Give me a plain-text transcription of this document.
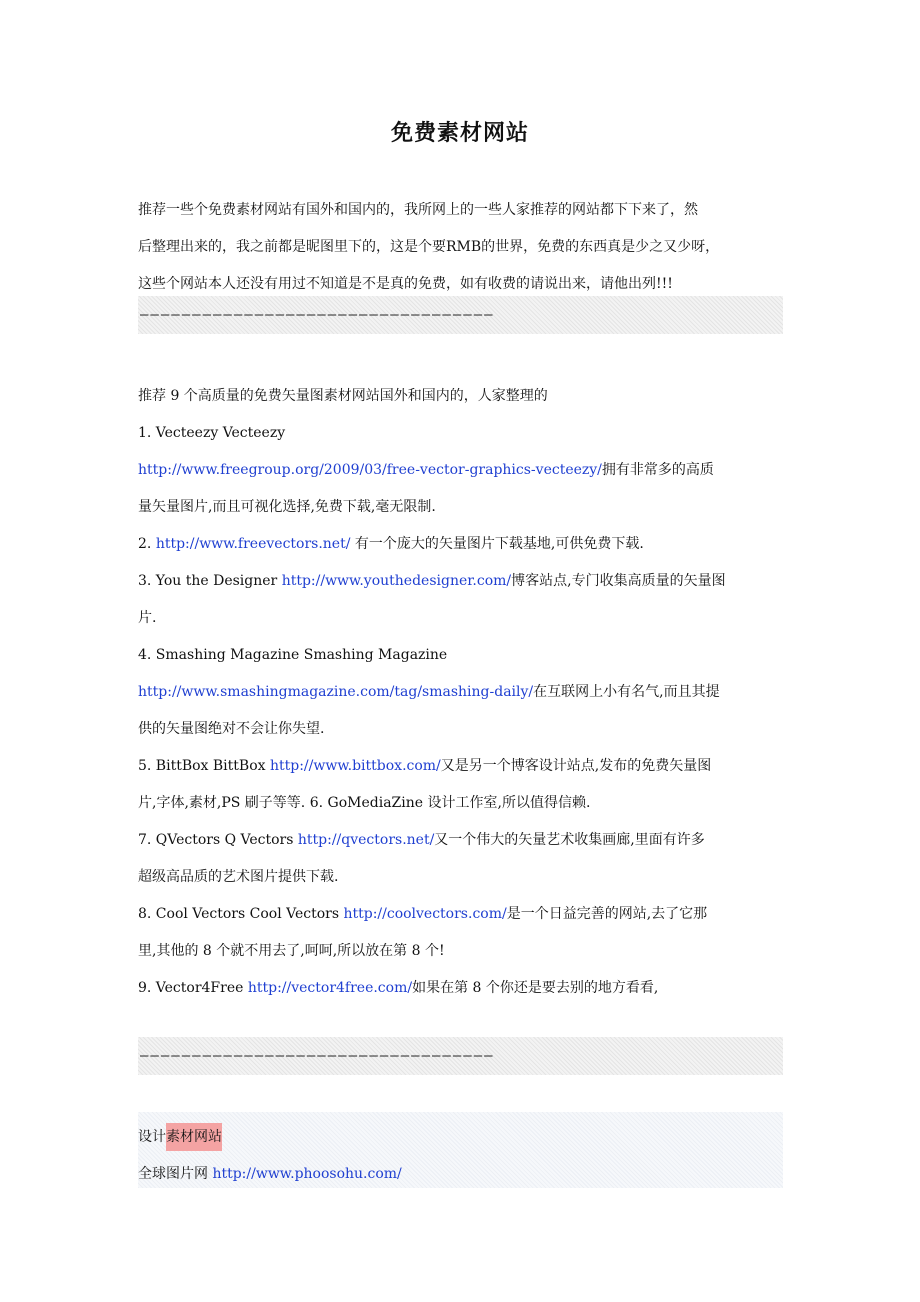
免费素材网站
推荐一些个免费素材网站有国外和国内的，我所网上的一些人家推荐的网站都下下来了，然
后整理出来的，我之前都是昵图里下的，这是个要RMB的世界，免费的东西真是少之又少呀，
这些个网站本人还没有用过不知道是不是真的免费，如有收费的请说出来，请他出列!!!
——————————————————————————————————
推荐 9 个高质量的免费矢量图素材网站国外和国内的，人家整理的
1. Vecteezy Vecteezy
http://www.freegroup.org/2009/03/free-vector-graphics-vecteezy/拥有非常多的高质
量矢量图片,而且可视化选择,免费下载,毫无限制.
2. http://www.freevectors.net/ 有一个庞大的矢量图片下载基地,可供免费下载.
3. You the Designer http://www.youthedesigner.com/博客站点,专门收集高质量的矢量图
片.
4. Smashing Magazine Smashing Magazine
http://www.smashingmagazine.com/tag/smashing-daily/在互联网上小有名气,而且其提
供的矢量图绝对不会让你失望.
5. BittBox BittBox http://www.bittbox.com/又是另一个博客设计站点,发布的免费矢量图
片,字体,素材,PS 刷子等等. 6. GoMediaZine 设计工作室,所以值得信赖.
7. QVectors Q Vectors http://qvectors.net/又一个伟大的矢量艺术收集画廊,里面有许多
超级高品质的艺术图片提供下载.
8. Cool Vectors Cool Vectors http://coolvectors.com/是一个日益完善的网站,去了它那
里,其他的 8 个就不用去了,呵呵,所以放在第 8 个!
9. Vector4Free http://vector4free.com/如果在第 8 个你还是要去别的地方看看,
——————————————————————————————————
设计素材网站
全球图片网 http://www.phoosohu.com/
